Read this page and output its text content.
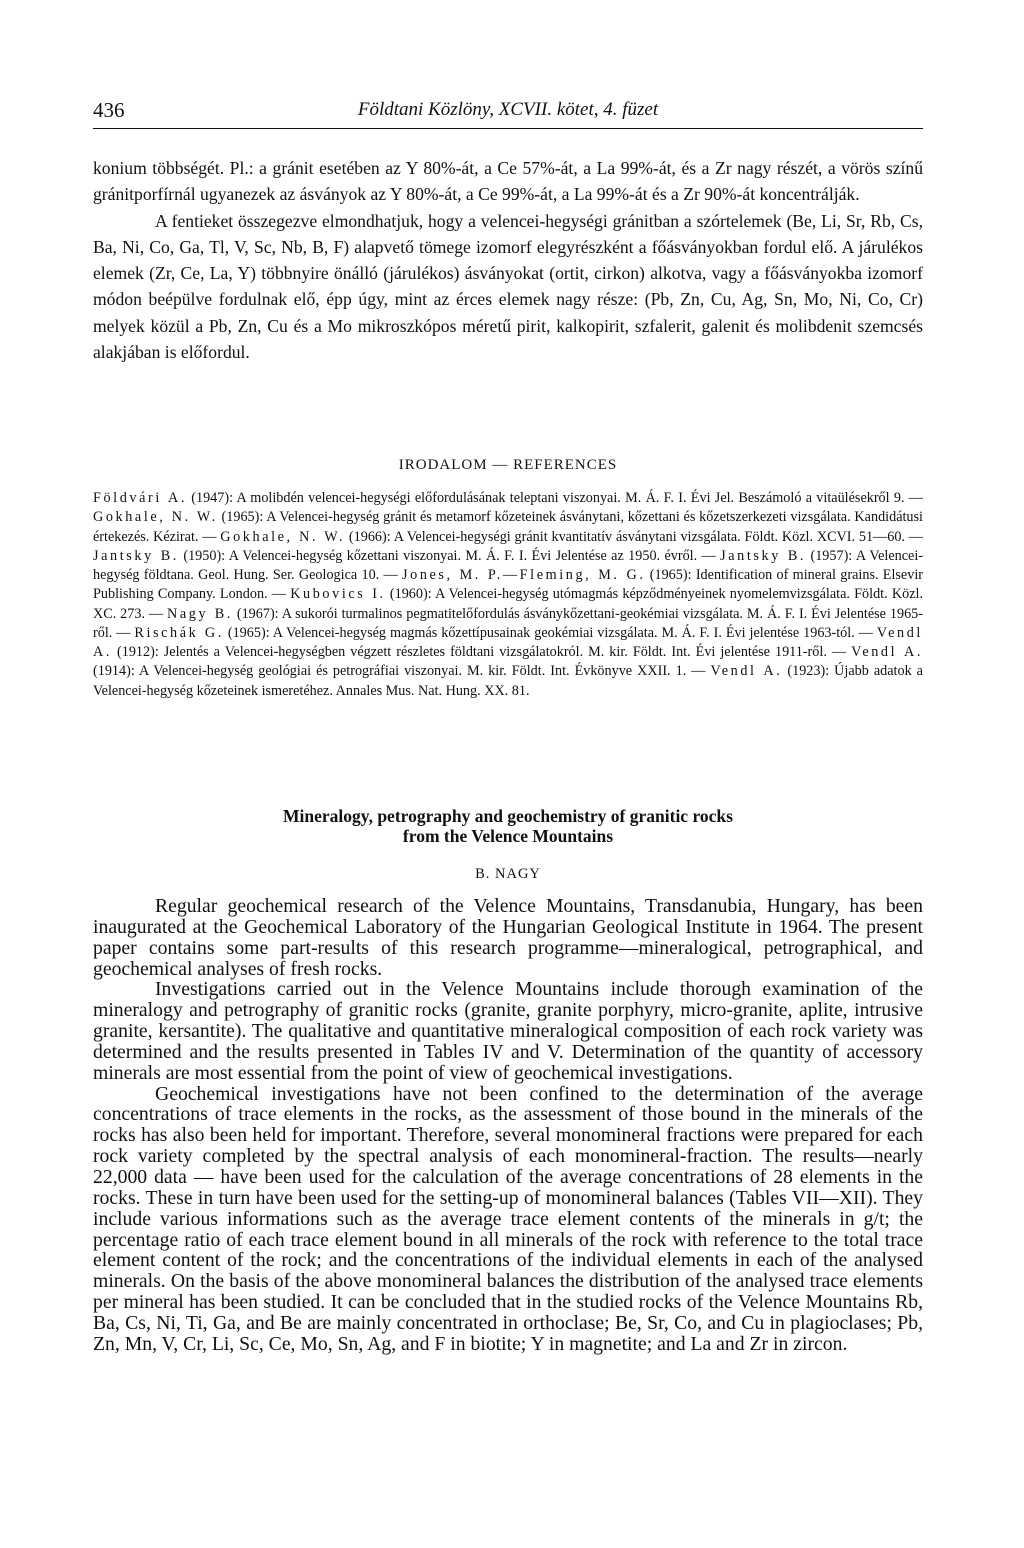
436	Földtani Közlöny, XCVII. kötet, 4. füzet

konium többségét. Pl.: a gránit esetében az Y 80%-át, a Ce 57%-át, a La 99%-át, és a Zr nagy részét, a vörös színű gránitporfírnál ugyanezek az ásványok az Y 80%-át, a Ce 99%-át, a La 99%-át és a Zr 90%-át koncentrálják.

A fentieket összegezve elmondhatjuk, hogy a velencei-hegységi gránitban a szórtelemek (Be, Li, Sr, Rb, Cs, Ba, Ni, Co, Ga, Tl, V, Sc, Nb, B, F) alapvető tömege izomorf elegyrészként a főásványokban fordul elő. A járulékos elemek (Zr, Ce, La, Y) többnyire önálló (járulékos) ásványokat (ortit, cirkon) alkotva, vagy a főásványokba izomorf módon beépülve fordulnak elő, épp úgy, mint az érces elemek nagy része: (Pb, Zn, Cu, Ag, Sn, Mo, Ni, Co, Cr) melyek közül a Pb, Zn, Cu és a Mo mikroszkópos méretű pirit, kalkopirit, szfalerit, galenit és molibdenit szemcsés alakjában is előfordul.

IRODALOM — REFERENCES

Földvári A. (1947): A molibdén velencei-hegységi előfordulásának teleptani viszonyai. M. Á. F. I. Évi Jel. Beszámoló a vitaülésekről 9. — Gokhale, N. W. (1965): A Velencei-hegység gránit és metamorf kőzeteinek ásványtani, kőzettani és kőzetszerkezeti vizsgálata. Kandidátusi értekezés. Kézirat. — Gokhale, N. W. (1966): A Velencei-hegységi gránit kvantitatív ásványtani vizsgálata. Földt. Közl. XCVI. 51—60. — Jantsky B. (1950): A Velencei-hegység kőzettani viszonyai. M. Á. F. I. Évi Jelentése az 1950. évről. — Jantsky B. (1957): A Velencei-hegység földtana. Geol. Hung. Ser. Geologica 10. — Jones, M. P.—Fleming, M. G. (1965): Identification of mineral grains. Elsevir Publishing Company. London. — Kubovics I. (1960): A Velencei-hegység utómagmás képződményeinek nyomelemvizsgálata. Földt. Közl. XC. 273. — Nagy B. (1967): A sukorói turmalinos pegmatitelőfordulás ásványkőzettani-geokémiai vizsgálata. M. Á. F. I. Évi Jelentése 1965-ről. — Rischák G. (1965): A Velencei-hegység magmás kőzettípusainak geokémiai vizsgálata. M. Á. F. I. Évi jelentése 1963-tól. — Vendl A. (1912): Jelentés a Velencei-hegységben végzett részletes földtani vizsgálatokról. M. kir. Földt. Int. Évi jelentése 1911-ről. — Vendl A. (1914): A Velencei-hegység geológiai és petrográfiai viszonyai. M. kir. Földt. Int. Évkönyve XXII. 1. — Vendl A. (1923): Újabb adatok a Velencei-hegység kőzeteinek ismeretéhez. Annales Mus. Nat. Hung. XX. 81.

Mineralogy, petrography and geochemistry of granitic rocks
from the Velence Mountains
B. NAGY

Regular geochemical research of the Velence Mountains, Transdanubia, Hungary, has been inaugurated at the Geochemical Laboratory of the Hungarian Geological Institute in 1964. The present paper contains some part-results of this research programme—mineralogical, petrographical, and geochemical analyses of fresh rocks.

Investigations carried out in the Velence Mountains include thorough examination of the mineralogy and petrography of granitic rocks (granite, granite porphyry, micro-granite, aplite, intrusive granite, kersantite). The qualitative and quantitative mineralogical composition of each rock variety was determined and the results presented in Tables IV and V. Determination of the quantity of accessory minerals are most essential from the point of view of geochemical investigations.

Geochemical investigations have not been confined to the determination of the average concentrations of trace elements in the rocks, as the assessment of those bound in the minerals of the rocks has also been held for important. Therefore, several monomineral fractions were prepared for each rock variety completed by the spectral analysis of each monomineral-fraction. The results—nearly 22,000 data — have been used for the calculation of the average concentrations of 28 elements in the rocks. These in turn have been used for the setting-up of monomineral balances (Tables VII—XII). They include various informations such as the average trace element contents of the minerals in g/t; the percentage ratio of each trace element bound in all minerals of the rock with reference to the total trace element content of the rock; and the concentrations of the individual elements in each of the analysed minerals. On the basis of the above monomineral balances the distribution of the analysed trace elements per mineral has been studied. It can be concluded that in the studied rocks of the Velence Mountains Rb, Ba, Cs, Ni, Ti, Ga, and Be are mainly concentrated in orthoclase; Be, Sr, Co, and Cu in plagioclases; Pb, Zn, Mn, V, Cr, Li, Sc, Ce, Mo, Sn, Ag, and F in biotite; Y in magnetite; and La and Zr in zircon.
